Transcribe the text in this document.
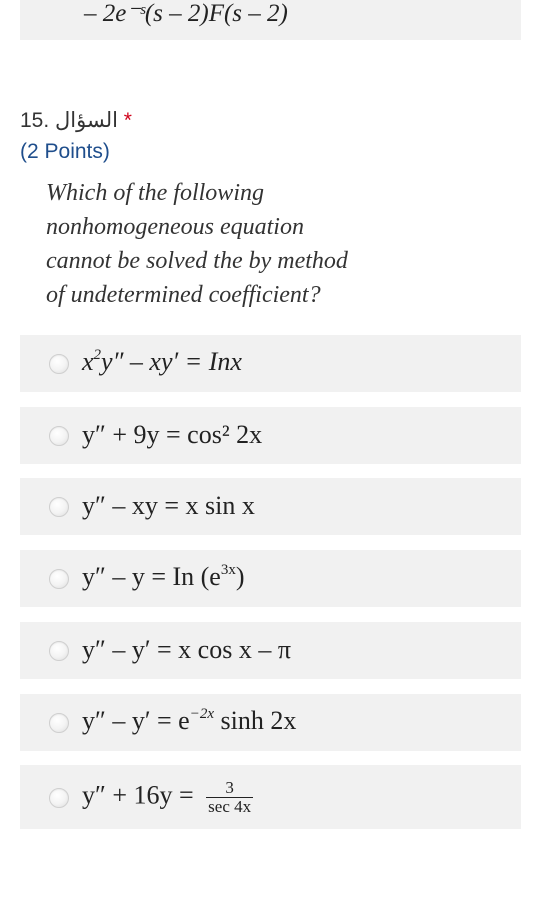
– 2e⁻ˢ(s – 2)F(s – 2)
15. السؤال *
(2 Points)
Which of the following
nonhomogeneous equation
cannot be solved the by method
of undetermined coefficient?
$x^2y'' - xy'$ = Inx
y″ + 9y = cos² 2x
y″ – xy = x sin x
y″ – y = In $(e^{3x})$
y″ – y′ = x cos x – π
$y'' - y' = e^{-2x}$ sinh 2x
$y'' + 16y = \frac{3}{\sec 4x}$
